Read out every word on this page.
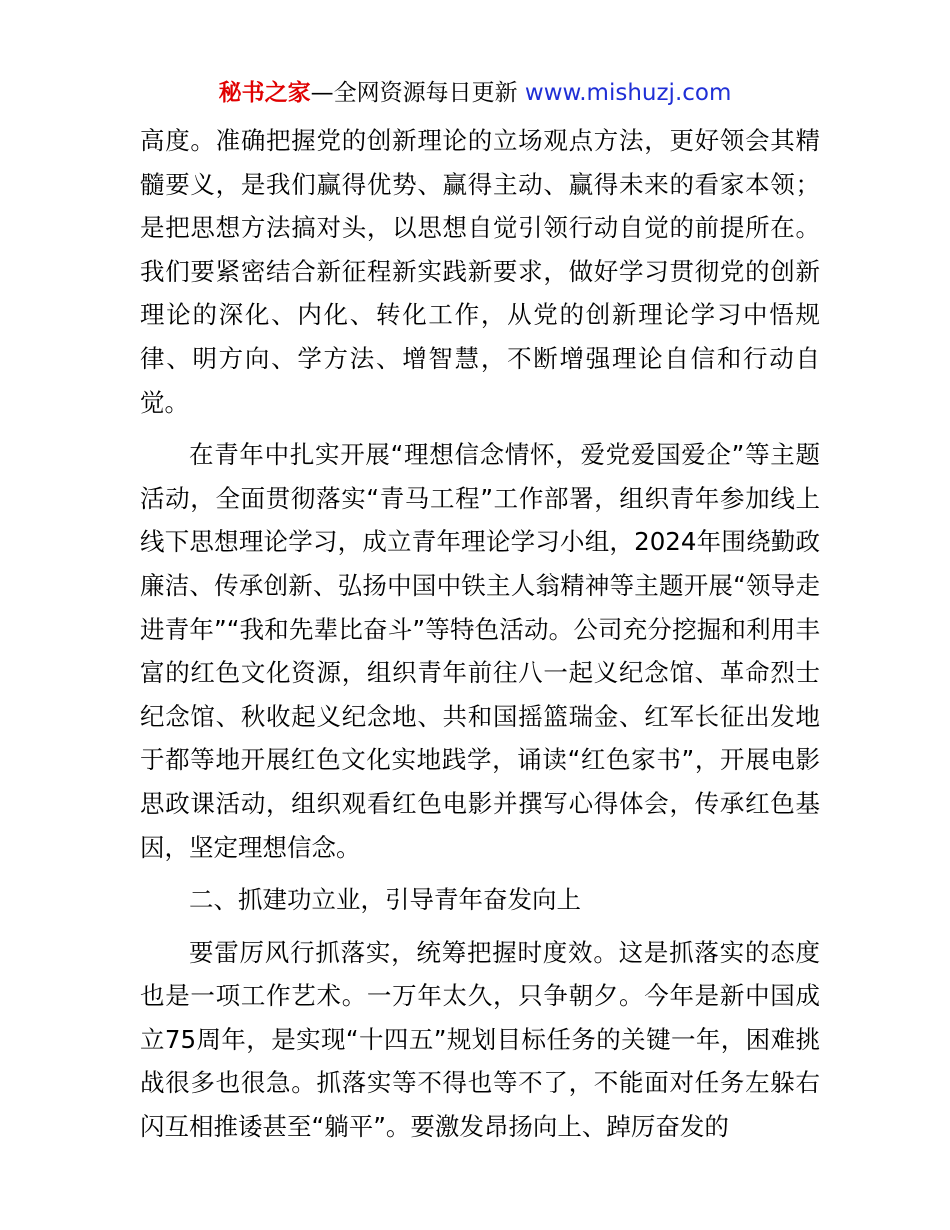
秘书之家—全网资源每日更新 www.mishuzj.com

高度。准确把握党的创新理论的立场观点方法，更好领会其精髓要义，是我们赢得优势、赢得主动、赢得未来的看家本领；是把思想方法搞对头，以思想自觉引领行动自觉的前提所在。我们要紧密结合新征程新实践新要求，做好学习贯彻党的创新理论的深化、内化、转化工作，从党的创新理论学习中悟规律、明方向、学方法、增智慧，不断增强理论自信和行动自觉。

在青年中扎实开展“理想信念情怀，爱党爱国爱企”等主题活动，全面贯彻落实“青马工程”工作部署，组织青年参加线上线下思想理论学习，成立青年理论学习小组，2024年围绕勤政廉洁、传承创新、弘扬中国中铁主人翁精神等主题开展“领导走进青年”“我和先辈比奋斗”等特色活动。公司充分挖掘和利用丰富的红色文化资源，组织青年前往八一起义纪念馆、革命烈士纪念馆、秋收起义纪念地、共和国摇篮瑞金、红军长征出发地于都等地开展红色文化实地践学，诵读“红色家书”，开展电影思政课活动，组织观看红色电影并撰写心得体会，传承红色基因，坚定理想信念。

二、抓建功立业，引导青年奋发向上

要雷厉风行抓落实，统筹把握时度效。这是抓落实的态度也是一项工作艺术。一万年太久，只争朝夕。今年是新中国成立75周年，是实现“十四五”规划目标任务的关键一年，困难挑战很多也很急。抓落实等不得也等不了，不能面对任务左躲右闪互相推诿甚至“躺平”。要激发昂扬向上、踔厉奋发的
